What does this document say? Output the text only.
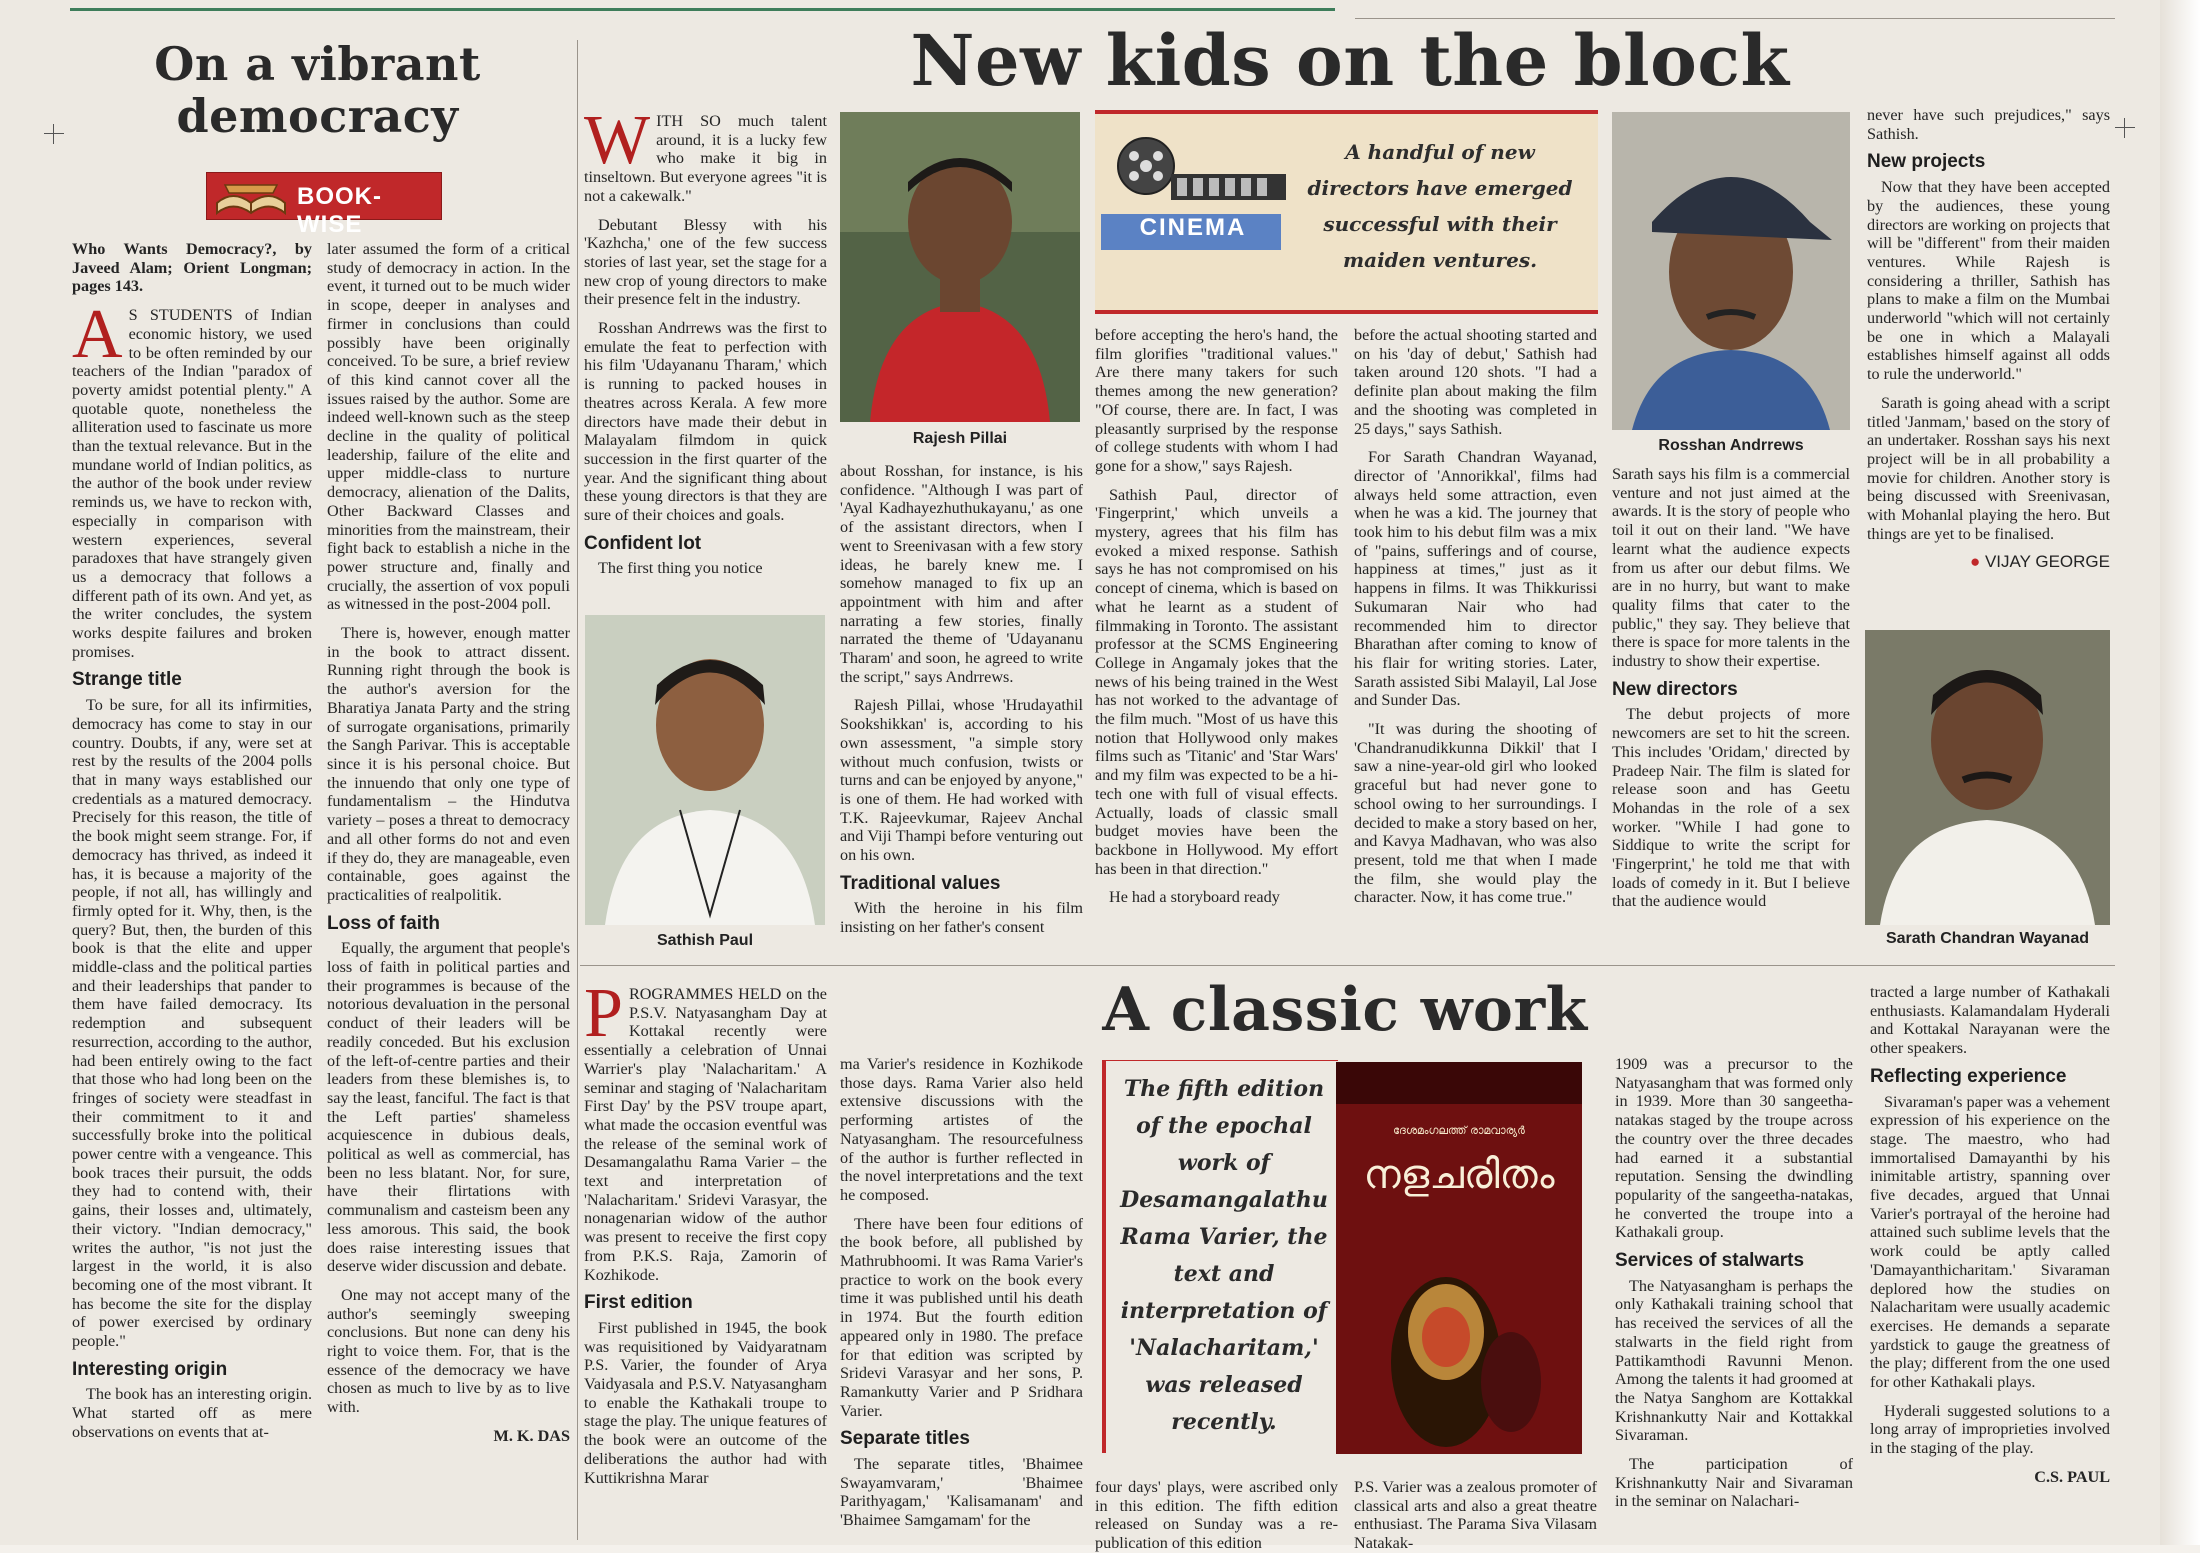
On a vibrant democracy
BOOK-WISE

Who Wants Democracy?, by Javeed Alam; Orient Longman; pages 143.

A S STUDENTS of Indian economic history, we used to be often reminded by our teachers of the Indian "paradox of poverty amidst potential plenty." A quotable quote, nonetheless the alliteration used to fascinate us more than the textual relevance. But in the mundane world of Indian politics, as the author of the book under review reminds us, we have to reckon with, especially in comparison with western experiences, several paradoxes that have strangely given us a democracy that follows a different path of its own. And yet, as the writer concludes, the system works despite failures and broken promises.

Strange title

To be sure, for all its infirmities, democracy has come to stay in our country. Doubts, if any, were set at rest by the results of the 2004 polls that in many ways established our credentials as a matured democracy. Precisely for this reason, the title of the book might seem strange. For, if democracy has thrived, as indeed it has, it is because a majority of the people, if not all, has willingly and firmly opted for it. Why, then, is the query? But, then, the burden of this book is that the elite and upper middle-class and the political parties and their leaderships that pander to them have failed democracy. Its redemption and subsequent resurrection, according to the author, had been entirely owing to the fact that those who had long been on the fringes of society were steadfast in their commitment to it and successfully broke into the political power centre with a vengeance. This book traces their pursuit, the odds they had to contend with, their gains, their losses and, ultimately, their victory. "Indian democracy," writes the author, "is not just the largest in the world, it is also becoming one of the most vibrant. It has become the site for the display of power exercised by ordinary people."

Interesting origin

The book has an interesting origin. What started off as mere observations on events that at-

later assumed the form of a critical study of democracy in action. In the event, it turned out to be much wider in scope, deeper in analyses and firmer in conclusions than could possibly have been originally conceived. To be sure, a brief review of this kind cannot cover all the issues raised by the author. Some are indeed well-known such as the steep decline in the quality of political leadership, failure of the elite and upper middle-class to nurture democracy, alienation of the Dalits, Other Backward Classes and minorities from the mainstream, their fight back to establish a niche in the power structure and, finally and crucially, the assertion of vox populi as witnessed in the post-2004 poll.

There is, however, enough matter in the book to attract dissent. Running right through the book is the author's aversion for the Bharatiya Janata Party and the string of surrogate organisations, primarily the Sangh Parivar. This is acceptable since it is his personal choice. But the innuendo that only one type of fundamentalism – the Hindutva variety – poses a threat to democracy and all other forms do not and even if they do, they are manageable, even containable, goes against the practicalities of realpolitik.

Loss of faith

Equally, the argument that people's loss of faith in political parties and their programmes is because of the notorious devaluation in the personal conduct of their leaders will be readily conceded. But his exclusion of the left-of-centre parties and their leaders from these blemishes is, to say the least, fanciful. The fact is that the Left parties' shameless acquiescence in dubious deals, political as well as commercial, has been no less blatant. Nor, for sure, have their flirtations with communalism and casteism been any less amorous. This said, the book does raise interesting issues that deserve wider discussion and debate.

One may not accept many of the author's seemingly sweeping conclusions. But none can deny his right to voice them. For, that is the essence of the democracy we have chosen as much to live by as to live with.

M. K. DAS

New kids on the block
Rajesh Pillai
Sathish Paul
CINEMA
A handful of new directors have emerged successful with their maiden ventures.
Rosshan Andrrews
Sarath Chandran Wayanad

WITH SO much talent around, it is a lucky few who make it big in tinseltown. But everyone agrees "it is not a cakewalk."

Debutant Blessy with his 'Kazhcha,' one of the few success stories of last year, set the stage for a new crop of young directors to make their presence felt in the industry.

Rosshan Andrrews was the first to emulate the feat to perfection with his film 'Udayananu Tharam,' which is running to packed houses in theatres across Kerala. A few more directors have made their debut in Malayalam filmdom in quick succession in the first quarter of the year. And the significant thing about these young directors is that they are sure of their choices and goals.

Confident lot

The first thing you notice

about Rosshan, for instance, is his confidence. "Although I was part of 'Ayal Kadhayezhuthukayanu,' as one of the assistant directors, when I went to Sreenivasan with a few story ideas, he barely knew me. I somehow managed to fix up an appointment with him and after narrating a few stories, finally narrated the theme of 'Udayananu Tharam' and soon, he agreed to write the script," says Andrrews.

Rajesh Pillai, whose 'Hrudayathil Sookshikkan' is, according to his own assessment, "a simple story without much confusion, twists or turns and can be enjoyed by anyone," is one of them. He had worked with T.K. Rajeevkumar, Rajeev Anchal and Viji Thampi before venturing out on his own.

Traditional values

With the heroine in his film insisting on her father's consent

before accepting the hero's hand, the film glorifies "traditional values." Are there many takers for such themes among the new generation? "Of course, there are. In fact, I was pleasantly surprised by the response of college students with whom I had gone for a show," says Rajesh.

Sathish Paul, director of 'Fingerprint,' which unveils a mystery, agrees that his film has evoked a mixed response. Sathish says he has not compromised on his concept of cinema, which is based on what he learnt as a student of filmmaking in Toronto. The assistant professor at the SCMS Engineering College in Angamaly jokes that the news of his being trained in the West has not worked to the advantage of the film much. "Most of us have this notion that Hollywood only makes films such as 'Titanic' and 'Star Wars' and my film was expected to be a hi-tech one with full of visual effects. Actually, loads of classic small budget movies have been the backbone in Hollywood. My effort has been in that direction."

He had a storyboard ready

before the actual shooting started and on his 'day of debut,' Sathish had taken around 120 shots. "I had a definite plan about making the film and the shooting was completed in 25 days," says Sathish.

For Sarath Chandran Wayanad, director of 'Annorikkal', films had always held some attraction, even when he was a kid. The journey that took him to his debut film was a mix of "pains, sufferings and of course, happiness at times," just as it happens in films. It was Thikkurissi Sukumaran Nair who had recommended him to director Bharathan after coming to know of his flair for writing stories. Later, Sarath assisted Sibi Malayil, Lal Jose and Sunder Das.

"It was during the shooting of 'Chandranudikkunna Dikkil' that I saw a nine-year-old girl who looked graceful but had never gone to school owing to her surroundings. I decided to make a story based on her, and Kavya Madhavan, who was also present, told me that when I made the film, she would play the character. Now, it has come true."

Sarath says his film is a commercial venture and not just aimed at the awards. It is the story of people who toil it out on their land. "We have learnt what the audience expects from us after our debut films. We are in no hurry, but want to make quality films that cater to the public," they say. They believe that there is space for more talents in the industry to show their expertise.

New directors

The debut projects of more newcomers are set to hit the screen. This includes 'Oridam,' directed by Pradeep Nair. The film is slated for release soon and has Geetu Mohandas in the role of a sex worker. "While I had gone to Siddique to write the script for 'Fingerprint,' he told me that with loads of comedy in it. But I believe that the audience would

never have such prejudices," says Sathish.

New projects

Now that they have been accepted by the audiences, these young directors are working on projects that will be "different" from their maiden ventures. While Rajesh is considering a thriller, Sathish has plans to make a film on the Mumbai underworld "which will not certainly be one in which a Malayali establishes himself against all odds to rule the underworld."

Sarath is going ahead with a script titled 'Janmam,' based on the story of an undertaker. Rosshan says his next project will be in all probability a movie for children. Another story is being discussed with Sreenivasan, with Mohanlal playing the hero. But things are yet to be finalised.

● VIJAY GEORGE

A classic work
The fifth edition of the epochal work of Desamangalathu Rama Varier, the text and interpretation of 'Nalacharitam,' was released recently.
ദേശമംഗലത്ത് രാമവാര്യർ
നളചരിതം

PROGRAMMES HELD on the P.S.V. Natyasangham Day at Kottakal recently were essentially a celebration of Unnai Warrier's play 'Nalacharitam.' A seminar and staging of 'Nalacharitam First Day' by the PSV troupe apart, what made the occasion eventful was the release of the seminal work of Desamangalathu Rama Varier – the text and interpretation of 'Nalacharitam.' Sridevi Varasyar, the nonagenarian widow of the author was present to receive the first copy from P.K.S. Raja, Zamorin of Kozhikode.

First edition

First published in 1945, the book was requisitioned by Vaidyaratnam P.S. Varier, the founder of Arya Vaidyasala and P.S.V. Natyasangham to enable the Kathakali troupe to stage the play. The unique features of the book were an outcome of the deliberations the author had with Kuttikrishna Marar

ma Varier's residence in Kozhikode those days. Rama Varier also held extensive discussions with the performing artistes of the Natyasangham. The resourcefulness of the author is further reflected in the novel interpretations and the text he composed.

There have been four editions of the book before, all published by Mathrubhoomi. It was Rama Varier's practice to work on the book every time it was published until his death in 1974. But the fourth edition appeared only in 1980. The preface for that edition was scripted by Sridevi Varasyar and her sons, P. Ramankutty Varier and P Sridhara Varier.

Separate titles

The separate titles, 'Bhaimee Swayamvaram,' 'Bhaimee Parithyagam,' 'Kalisamanam' and 'Bhaimee Samgamam' for the

four days' plays, were ascribed only in this edition. The fifth edition released on Sunday was a re-publication of this edition

1909 was a precursor to the Natyasangham that was formed only in 1939. More than 30 sangeetha-natakas staged by the troupe across the country over the three decades had earned it a substantial reputation. Sensing the dwindling popularity of the sangeetha-natakas, he converted the troupe into a Kathakali group.

Services of stalwarts

The Natyasangham is perhaps the only Kathakali training school that has received the services of all the stalwarts in the field right from Pattikamthodi Ravunni Menon. Among the talents it had groomed at the Natya Sanghom are Kottakkal Krishnankutty Nair and Kottakkal Sivaraman.

The participation of Krishnankutty Nair and Sivaraman in the seminar on Nalachari-

P.S. Varier was a zealous promoter of classical arts and also a great theatre enthusiast. The Parama Siva Vilasam Natakak-

tracted a large number of Kathakali enthusiasts. Kalamandalam Hyderali and Kottakal Narayanan were the other speakers.

Reflecting experience

Sivaraman's paper was a vehement expression of his experience on the stage. The maestro, who had immortalised Damayanthi by his inimitable artistry, spanning over five decades, argued that Unnai Varier's portrayal of the heroine had attained such sublime levels that the work could be aptly called 'Damayanthicharitam.' Sivaraman deplored how the studies on Nalacharitam were usually academic exercises. He demands a separate yardstick to gauge the greatness of the play; different from the one used for other Kathakali plays.

Hyderali suggested solutions to a long array of improprieties involved in the staging of the play.

C.S. PAUL
